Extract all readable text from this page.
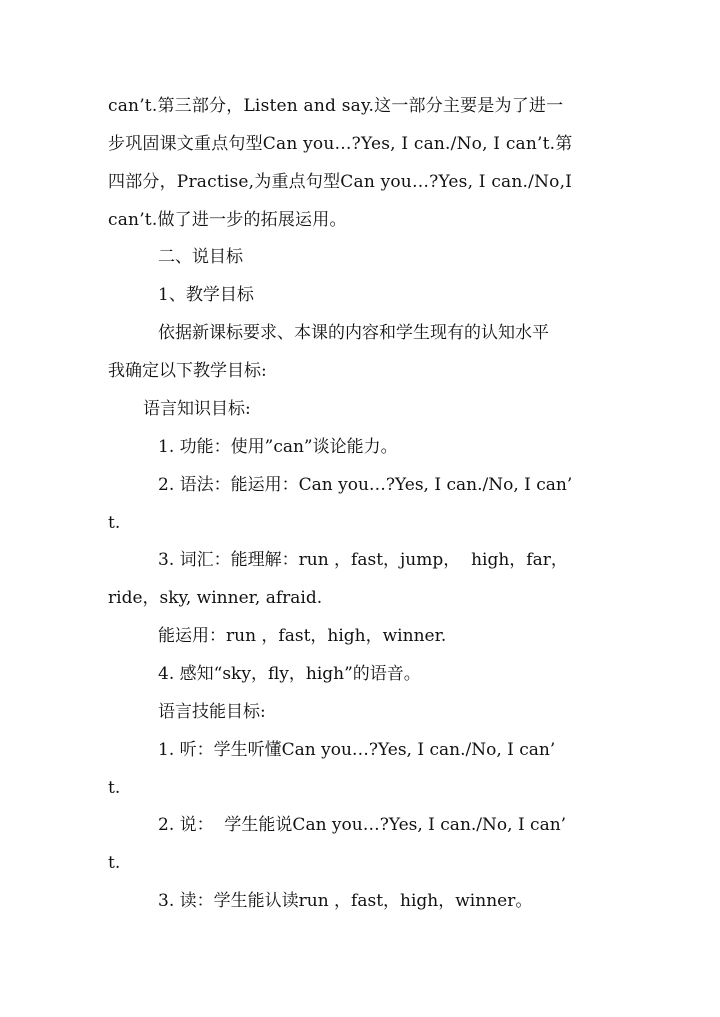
can’t.第三部分，Listen and say.这一部分主要是为了进一
步巩固课文重点句型Can you…?Yes, I can./No, I can’t.第
四部分，Practise,为重点句型Can you…?Yes, I can./No,I
can’t.做了进一步的拓展运用。
二、说目标
1、教学目标
依据新课标要求、本课的内容和学生现有的认知水平
我确定以下教学目标:
语言知识目标:
1. 功能：使用”can”谈论能力。
2. 语法：能运用：Can you…?Yes, I can./No, I can’
t.
3. 词汇：能理解：run ，fast，jump，  high，far，
ride，sky, winner, afraid.
能运用：run ，fast，high，winner.
4. 感知“sky，fly，high”的语音。
语言技能目标:
1. 听：学生听懂Can you…?Yes, I can./No, I can’
t.
2. 说：  学生能说Can you…?Yes, I can./No, I can’
t.
3. 读：学生能认读run ，fast，high，winner。
